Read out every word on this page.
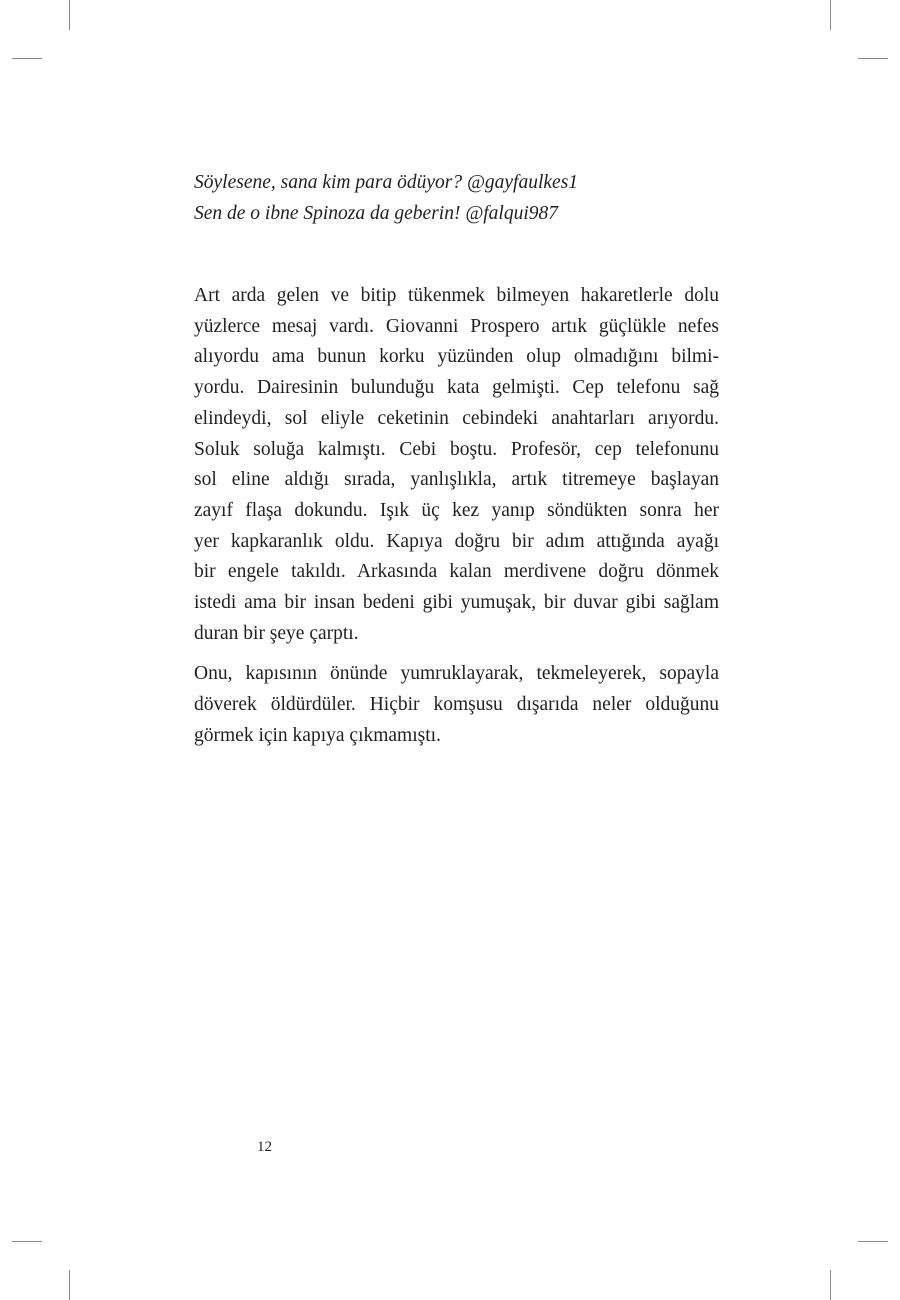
Söylesene, sana kim para ödüyor? @gayfaulkes1
Sen de o ibne Spinoza da geberin! @falqui987

Art arda gelen ve bitip tükenmek bilmeyen hakaretlerle dolu
yüzlerce mesaj vardı. Giovanni Prospero artık güçlükle nefes
alıyordu ama bunun korku yüzünden olup olmadığını bilmi-
yordu. Dairesinin bulunduğu kata gelmişti. Cep telefonu sağ
elindeydi, sol eliyle ceketinin cebindeki anahtarları arıyordu.
Soluk soluğa kalmıştı. Cebi boştu. Profesör, cep telefonunu
sol eline aldığı sırada, yanlışlıkla, artık titremeye başlayan
zayıf flaşa dokundu. Işık üç kez yanıp söndükten sonra her
yer kapkaranlık oldu. Kapıya doğru bir adım attığında ayağı
bir engele takıldı. Arkasında kalan merdivene doğru dönmek
istedi ama bir insan bedeni gibi yumuşak, bir duvar gibi sağlam
duran bir şeye çarptı.

Onu, kapısının önünde yumruklayarak, tekmeleyerek, sopayla
döverek öldürdüler. Hiçbir komşusu dışarıda neler olduğunu
görmek için kapıya çıkmamıştı.

12
